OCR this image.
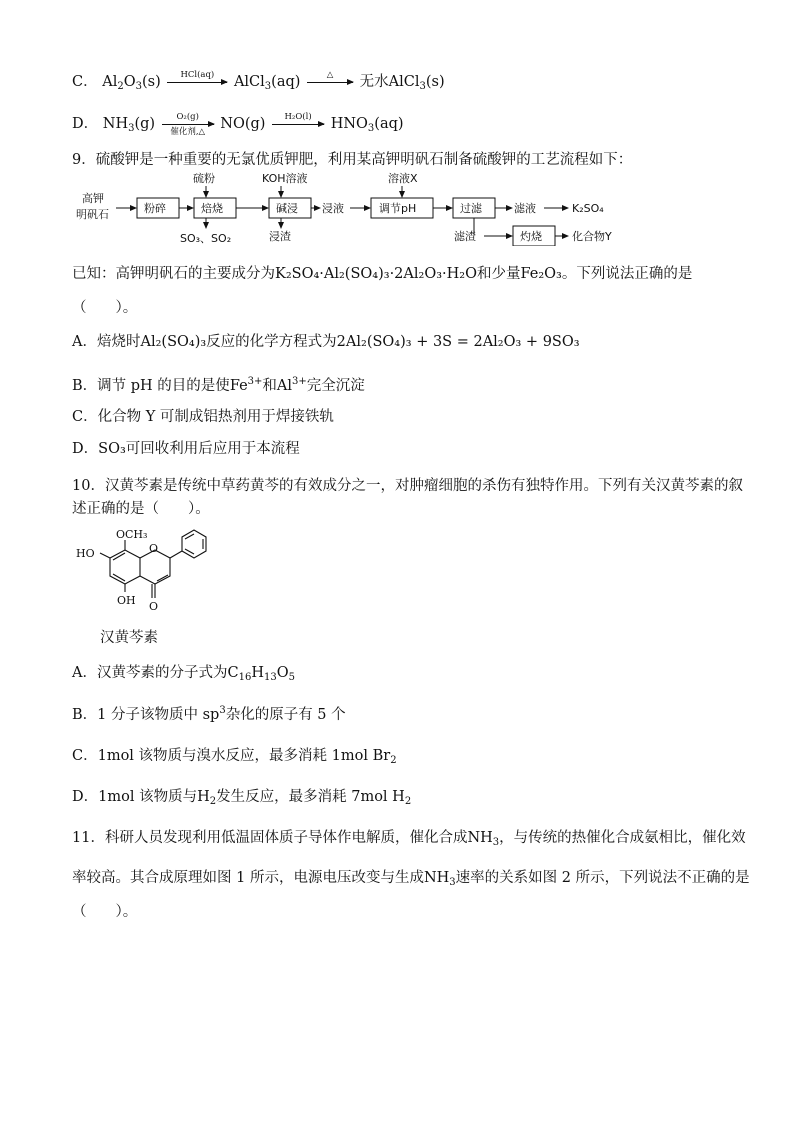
C． $Al_2O_3(s)$	HCl(aq)	AlCl$_3$(aq)	△	无水AlCl$_3$(s)
D． $NH_3(g)$	O₂(g)
催化剂,△	NO(g)	H₂O(l)	$HNO_3(aq)$
9．硫酸钾是一种重要的无氯优质钾肥，利用某高钾明矾石制备硫酸钾的工艺流程如下：
高钾
明矾石	粉碎
硫粉
焙烧
SO₃、SO₂
KOH溶液
碱浸
浸渣
浸液
溶液X
调节pH	过滤	滤液	K₂SO₄
滤渣	灼烧	化合物Y
已知：高钾明矾石的主要成分为K₂SO₄·Al₂(SO₄)₃·2Al₂O₃·H₂O和少量Fe₂O₃。下列说法正确的是
（　　）。
A．焙烧时Al₂(SO₄)₃反应的化学方程式为2Al₂(SO₄)₃ + 3S = 2Al₂O₃ + 9SO₃
B．调节 pH 的目的是使$Fe^{3+}$和$Al^{3+}$完全沉淀
C．化合物 Y 可制成铝热剂用于焊接铁轨
D．SO₃可回收利用后应用于本流程
10．汉黄芩素是传统中草药黄芩的有效成分之一，对肿瘤细胞的杀伤有独特作用。下列有关汉黄芩素的叙
述正确的是（　　）。
OCH₃
HO	O
OH O
汉黄芩素
A．汉黄芩素的分子式为$C_{16}H_{13}O_5$
B．1 分子该物质中 $sp^3$杂化的原子有 5 个
C．1mol 该物质与溴水反应，最多消耗 1mol $Br_2$
D．1mol 该物质与$H_2$发生反应，最多消耗 7mol $H_2$
11．科研人员发现利用低温固体质子导体作电解质，催化合成$NH_3$，与传统的热催化合成氨相比，催化效
率较高。其合成原理如图 1 所示，电源电压改变与生成$NH_3$速率的关系如图 2 所示，下列说法不正确的是
（　　）。
